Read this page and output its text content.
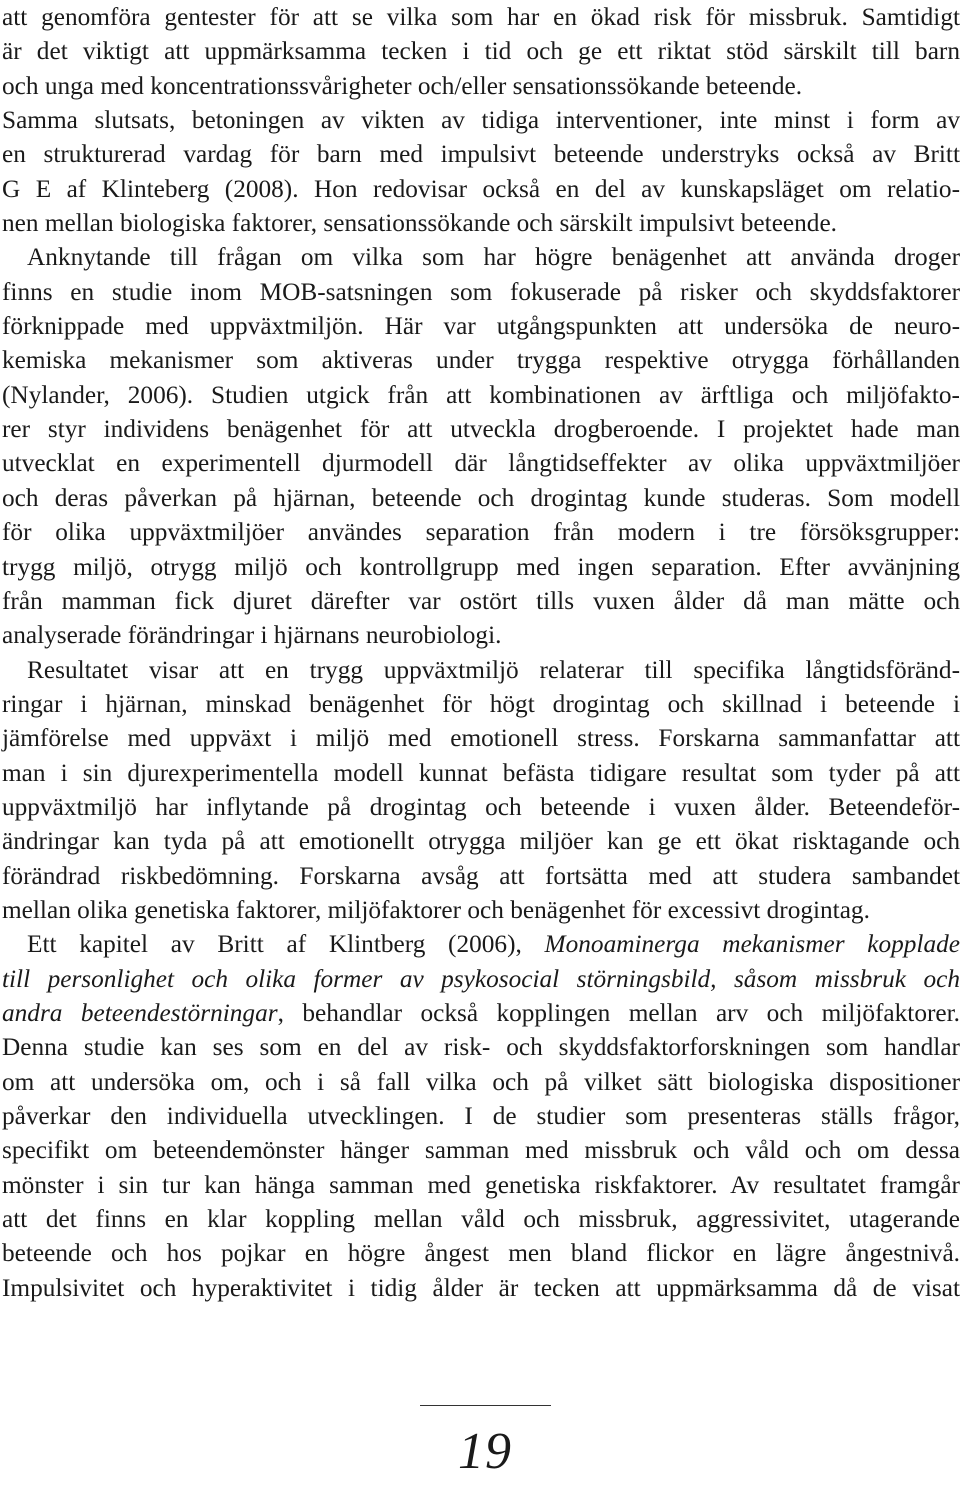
att genomföra gentester för att se vilka som har en ökad risk för missbruk. Samtidigt
är det viktigt att uppmärksamma tecken i tid och ge ett riktat stöd särskilt till barn
och unga med koncentrationssvårigheter och/eller sensationssökande beteende.
Samma slutsats, betoningen av vikten av tidiga interventioner, inte minst i form av
en strukturerad vardag för barn med impulsivt beteende understryks också av Britt
G E af Klinteberg (2008). Hon redovisar också en del av kunskapsläget om relatio-
nen mellan biologiska faktorer, sensationssökande och särskilt impulsivt beteende.
Anknytande till frågan om vilka som har högre benägenhet att använda droger
finns en studie inom MOB-satsningen som fokuserade på risker och skyddsfaktorer
förknippade med uppväxtmiljön. Här var utgångspunkten att undersöka de neuro-
kemiska mekanismer som aktiveras under trygga respektive otrygga förhållanden
(Nylander, 2006). Studien utgick från att kombinationen av ärftliga och miljöfakto-
rer styr individens benägenhet för att utveckla drogberoende. I projektet hade man
utvecklat en experimentell djurmodell där långtidseffekter av olika uppväxtmiljöer
och deras påverkan på hjärnan, beteende och drogintag kunde studeras. Som modell
för olika uppväxtmiljöer användes separation från modern i tre försöksgrupper:
trygg miljö, otrygg miljö och kontrollgrupp med ingen separation. Efter avvänjning
från mamman fick djuret därefter var ostört tills vuxen ålder då man mätte och
analyserade förändringar i hjärnans neurobiologi.
Resultatet visar att en trygg uppväxtmiljö relaterar till specifika långtidsföränd-
ringar i hjärnan, minskad benägenhet för högt drogintag och skillnad i beteende i
jämförelse med uppväxt i miljö med emotionell stress. Forskarna sammanfattar att
man i sin djurexperimentella modell kunnat befästa tidigare resultat som tyder på att
uppväxtmiljö har inflytande på drogintag och beteende i vuxen ålder. Beteendeför-
ändringar kan tyda på att emotionellt otrygga miljöer kan ge ett ökat risktagande och
förändrad riskbedömning. Forskarna avsåg att fortsätta med att studera sambandet
mellan olika genetiska faktorer, miljöfaktorer och benägenhet för excessivt drogintag.
Ett kapitel av Britt af Klintberg (2006), Monoaminerga mekanismer kopplade
till personlighet och olika former av psykosocial störningsbild, såsom missbruk och
andra beteendestörningar, behandlar också kopplingen mellan arv och miljöfaktorer.
Denna studie kan ses som en del av risk- och skyddsfaktorforskningen som handlar
om att undersöka om, och i så fall vilka och på vilket sätt biologiska dispositioner
påverkar den individuella utvecklingen. I de studier som presenteras ställs frågor,
specifikt om beteendemönster hänger samman med missbruk och våld och om dessa
mönster i sin tur kan hänga samman med genetiska riskfaktorer. Av resultatet framgår
att det finns en klar koppling mellan våld och missbruk, aggressivitet, utagerande
beteende och hos pojkar en högre ångest men bland flickor en lägre ångestnivå.
Impulsivitet och hyperaktivitet i tidig ålder är tecken att uppmärksamma då de visat
19
